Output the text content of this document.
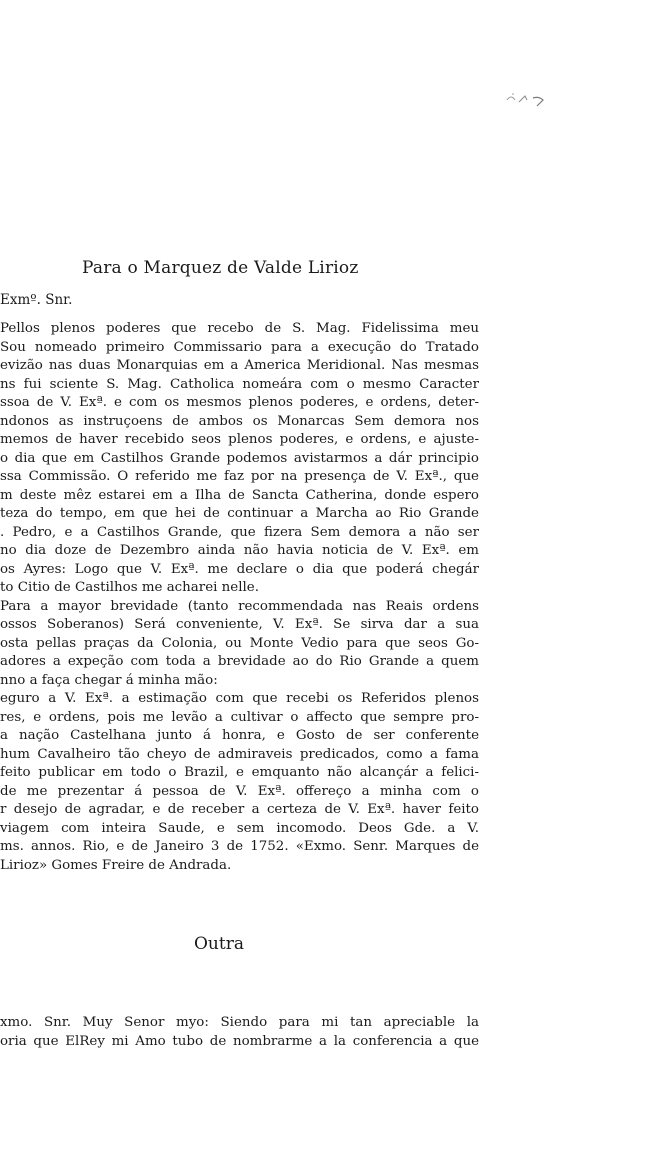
Para o Marquez de Valde Lirioz
Exmº. Snr.
Pellos plenos poderes que recebo de S. Mag. Fidelissima meu
Sou nomeado primeiro Commissario para a execução do Tratado
evizão nas duas Monarquias em a America Meridional. Nas mesmas
ns fui sciente S. Mag. Catholica nomeára com o mesmo Caracter
ssoa de V. Exª. e com os mesmos plenos poderes, e ordens, deter-
ndonos as instruçoens de ambos os Monarcas Sem demora nos
memos de haver recebido seos plenos poderes, e ordens, e ajuste-
o dia que em Castilhos Grande podemos avistarmos a dár principio
ssa Commissão. O referido me faz por na presença de V. Exª., que
m deste mêz estarei em a Ilha de Sancta Catherina, donde espero
teza do tempo, em que hei de continuar a Marcha ao Rio Grande
. Pedro, e a Castilhos Grande, que fizera Sem demora a não ser
no dia doze de Dezembro ainda não havia noticia de V. Exª. em
os Ayres: Logo que V. Exª. me declare o dia que poderá chegár
to Citio de Castilhos me acharei nelle.
Para a mayor brevidade (tanto recommendada nas Reais ordens
ossos Soberanos) Será conveniente, V. Exª. Se sirva dar a sua
osta pellas praças da Colonia, ou Monte Vedio para que seos Go-
adores a expeção com toda a brevidade ao do Rio Grande a quem
nno a faça chegar á minha mão:
eguro a V. Exª. a estimação com que recebi os Referidos plenos
res, e ordens, pois me levão a cultivar o affecto que sempre pro-
a nação Castelhana junto á honra, e Gosto de ser conferente
hum Cavalheiro tão cheyo de admiraveis predicados, como a fama
feito publicar em todo o Brazil, e emquanto não alcançár a felici-
de me prezentar á pessoa de V. Exª. offereço a minha com o
r desejo de agradar, e de receber a certeza de V. Exª. haver feito
viagem com inteira Saude, e sem incomodo. Deos Gde. a V.
ms. annos. Rio, e de Janeiro 3 de 1752. «Exmo. Senr. Marques de
Lirioz» Gomes Freire de Andrada.
Outra
xmo. Snr. Muy Senor myo: Siendo para mi tan apreciable la
oria que ElRey mi Amo tubo de nombrarme a la conferencia a que
